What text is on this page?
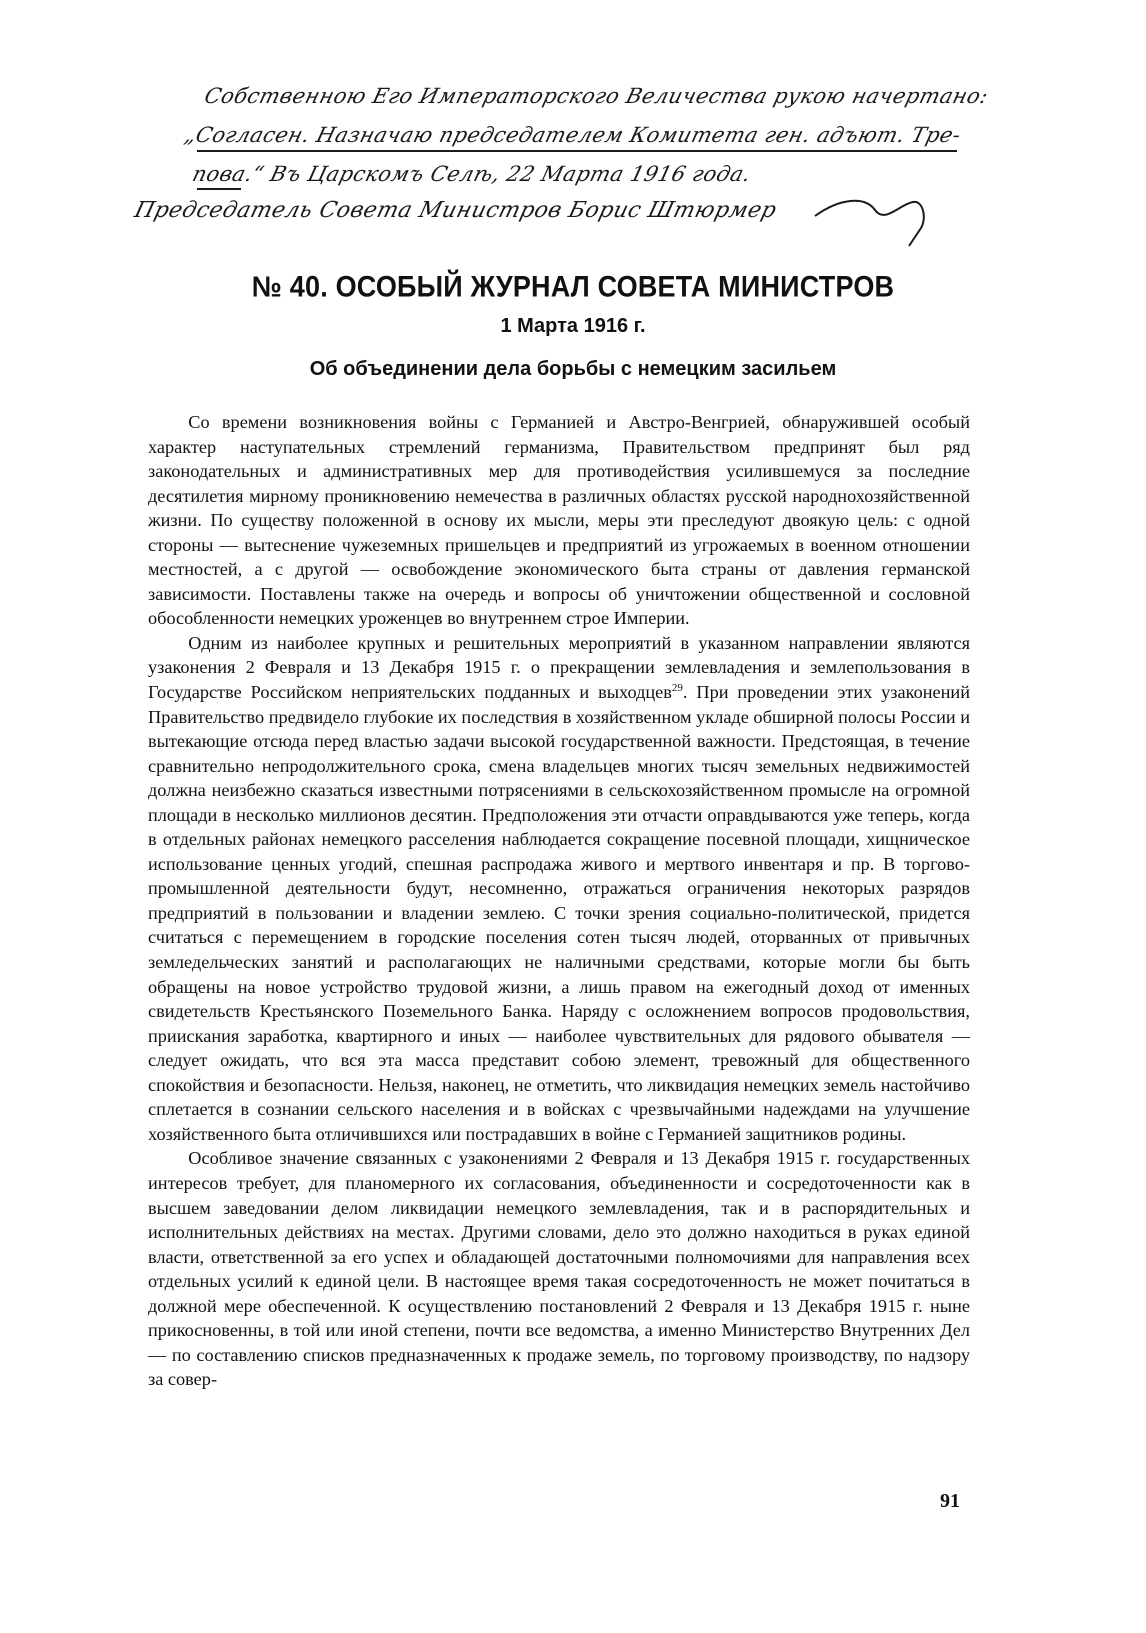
Собственною Его Императорского Величества рукою начертано:
„Согласен. Назначаю председателем Комитета ген. адъют. Тре-
пова.“ Въ Царскомъ Селѣ, 22 Марта 1916 года.
Председатель Совета Министров Борис Штюрмер
№ 40. ОСОБЫЙ ЖУРНАЛ СОВЕТА МИНИСТРОВ
1 Марта 1916 г.
Об объединении дела борьбы с немецким засильем

Со времени возникновения войны с Германией и Австро-Венгрией, обнаружившей особый характер наступательных стремлений германизма, Правительством предпринят был ряд законодательных и административных мер для противодействия усилившемуся за последние десятилетия мирному проникновению немечества в различных областях русской народнохозяйственной жизни. По существу положенной в основу их мысли, меры эти преследуют двоякую цель: с одной стороны — вытеснение чужеземных пришельцев и предприятий из угрожаемых в военном отношении местностей, а с другой — освобождение экономического быта страны от давления германской зависимости. Поставлены также на очередь и вопросы об уничтожении общественной и сословной обособленности немецких уроженцев во внутреннем строе Империи.

Одним из наиболее крупных и решительных мероприятий в указанном направлении являются узаконения 2 Февраля и 13 Декабря 1915 г. о прекращении землевладения и землепользования в Государстве Российском неприятельских подданных и выходцев$^{29}$. При проведении этих узаконений Правительство предвидело глубокие их последствия в хозяйственном укладе обширной полосы России и вытекающие отсюда перед властью задачи высокой государственной важности. Предстоящая, в течение сравнительно непродолжительного срока, смена владельцев многих тысяч земельных недвижимостей должна неизбежно сказаться известными потрясениями в сельскохозяйственном промысле на огромной площади в несколько миллионов десятин. Предположения эти отчасти оправдываются уже теперь, когда в отдельных районах немецкого расселения наблюдается сокращение посевной площади, хищническое использование ценных угодий, спешная распродажа живого и мертвого инвентаря и пр. В торгово-промышленной деятельности будут, несомненно, отражаться ограничения некоторых разрядов предприятий в пользовании и владении землею. С точки зрения социально-политической, придется считаться с перемещением в городские поселения сотен тысяч людей, оторванных от привычных земледельческих занятий и располагающих не наличными средствами, которые могли бы быть обращены на новое устройство трудовой жизни, а лишь правом на ежегодный доход от именных свидетельств Крестьянского Поземельного Банка. Наряду с осложнением вопросов продовольствия, приискания заработка, квартирного и иных — наиболее чувствительных для рядового обывателя — следует ожидать, что вся эта масса представит собою элемент, тревожный для общественного спокойствия и безопасности. Нельзя, наконец, не отметить, что ликвидация немецких земель настойчиво сплетается в сознании сельского населения и в войсках с чрезвычайными надеждами на улучшение хозяйственного быта отличившихся или пострадавших в войне с Германией защитников родины.

Особливое значение связанных с узаконениями 2 Февраля и 13 Декабря 1915 г. государственных интересов требует, для планомерного их согласования, объединенности и сосредоточенности как в высшем заведовании делом ликвидации немецкого землевладения, так и в распорядительных и исполнительных действиях на местах. Другими словами, дело это должно находиться в руках единой власти, ответственной за его успех и обладающей достаточными полномочиями для направления всех отдельных усилий к единой цели. В настоящее время такая сосредоточенность не может почитаться в должной мере обеспеченной. К осуществлению постановлений 2 Февраля и 13 Декабря 1915 г. ныне прикосновенны, в той или иной степени, почти все ведомства, а именно Министерство Внутренних Дел — по составлению списков предназначенных к продаже земель, по торговому производству, по надзору за совер-

91
